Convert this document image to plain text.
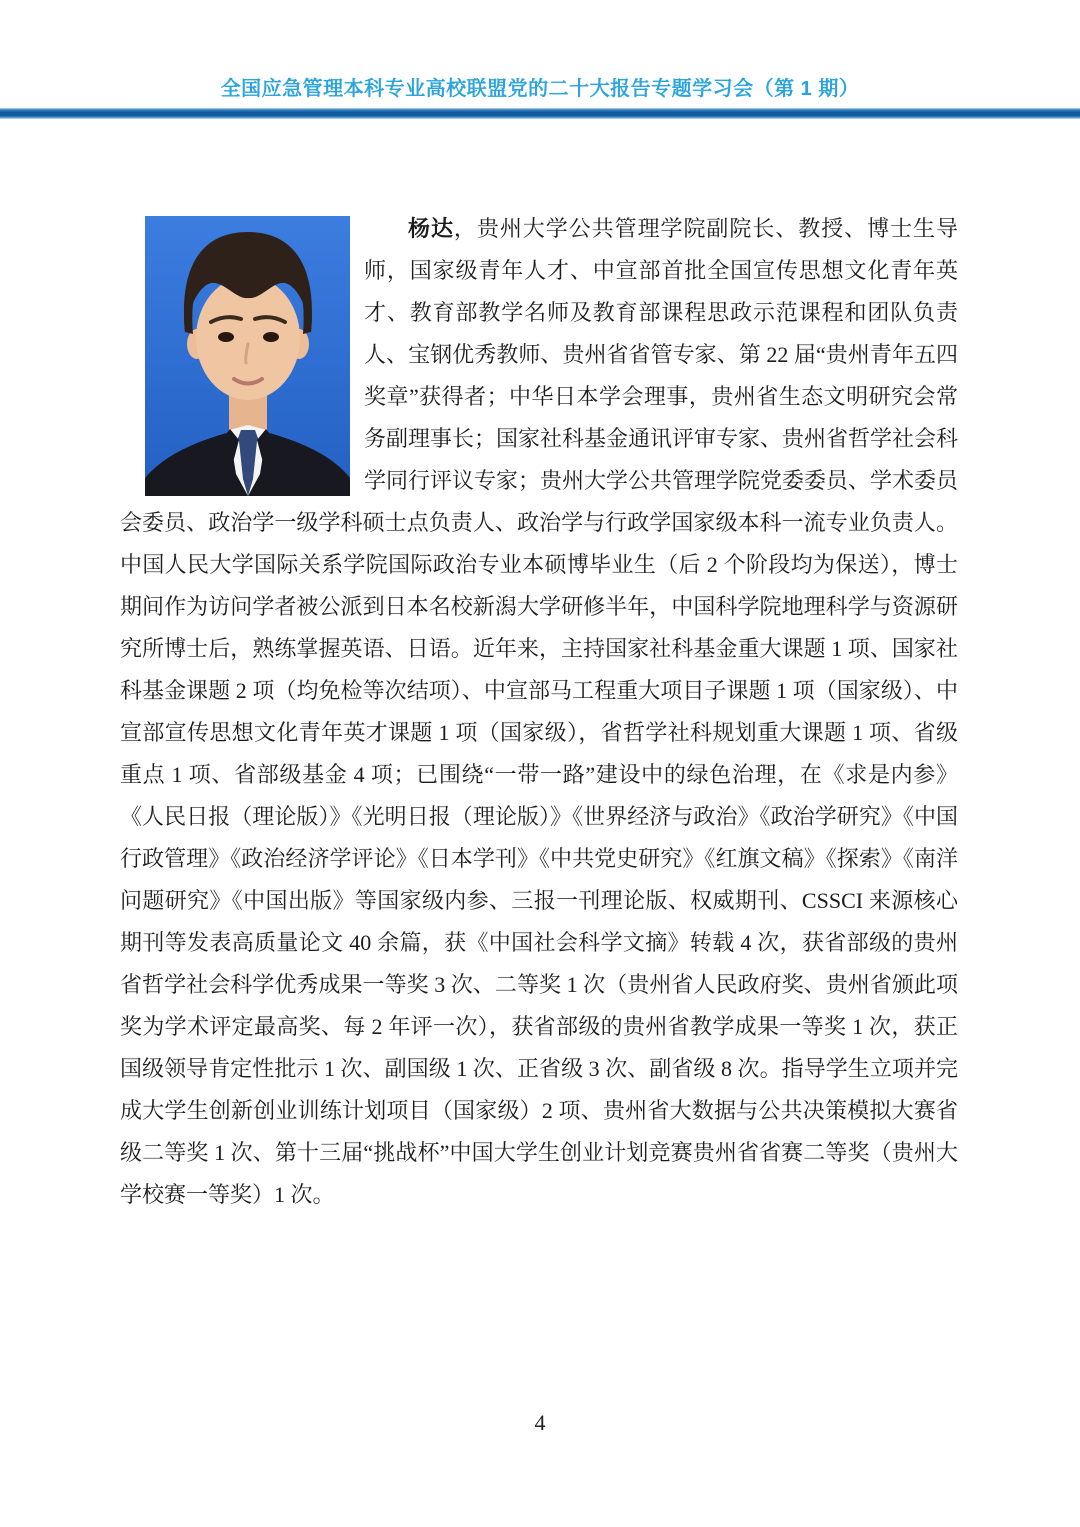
全国应急管理本科专业高校联盟党的二十大报告专题学习会（第 1 期）

杨达，贵州大学公共管理学院副院长、教授、博士生导师，国家级青年人才、中宣部首批全国宣传思想文化青年英才、教育部教学名师及教育部课程思政示范课程和团队负责人、宝钢优秀教师、贵州省省管专家、第 22 届“贵州青年五四奖章”获得者；中华日本学会理事，贵州省生态文明研究会常务副理事长；国家社科基金通讯评审专家、贵州省哲学社会科学同行评议专家；贵州大学公共管理学院党委委员、学术委员会委员、政治学一级学科硕士点负责人、政治学与行政学国家级本科一流专业负责人。中国人民大学国际关系学院国际政治专业本硕博毕业生（后 2 个阶段均为保送），博士期间作为访问学者被公派到日本名校新潟大学研修半年，中国科学院地理科学与资源研究所博士后，熟练掌握英语、日语。近年来，主持国家社科基金重大课题 1 项、国家社科基金课题 2 项（均免检等次结项）、中宣部马工程重大项目子课题 1 项（国家级）、中宣部宣传思想文化青年英才课题 1 项（国家级），省哲学社科规划重大课题 1 项、省级重点 1 项、省部级基金 4 项；已围绕“一带一路”建设中的绿色治理，在《求是内参》《人民日报（理论版）》《光明日报（理论版）》《世界经济与政治》《政治学研究》《中国行政管理》《政治经济学评论》《日本学刊》《中共党史研究》《红旗文稿》《探索》《南洋问题研究》《中国出版》等国家级内参、三报一刊理论版、权威期刊、CSSCI 来源核心期刊等发表高质量论文 40 余篇，获《中国社会科学文摘》转载 4 次，获省部级的贵州省哲学社会科学优秀成果一等奖 3 次、二等奖 1 次（贵州省人民政府奖、贵州省颁此项奖为学术评定最高奖、每 2 年评一次），获省部级的贵州省教学成果一等奖 1 次，获正国级领导肯定性批示 1 次、副国级 1 次、正省级 3 次、副省级 8 次。指导学生立项并完成大学生创新创业训练计划项目（国家级）2 项、贵州省大数据与公共决策模拟大赛省级二等奖 1 次、第十三届“挑战杯”中国大学生创业计划竞赛贵州省省赛二等奖（贵州大学校赛一等奖）1 次。

4
